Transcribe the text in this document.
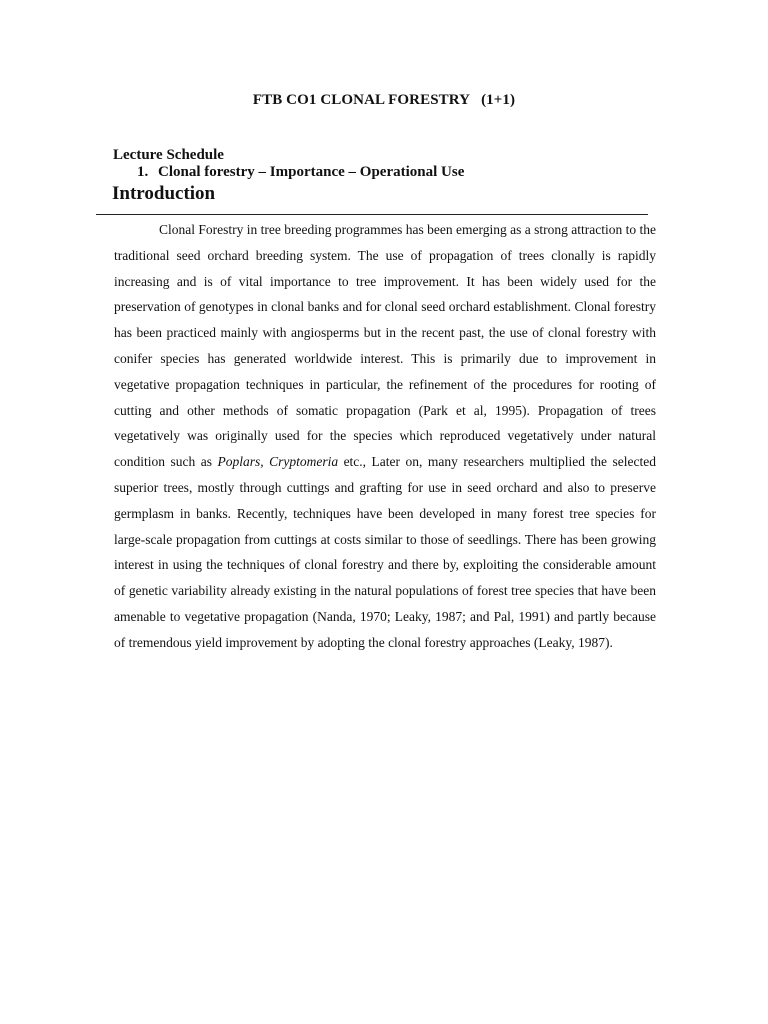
FTB CO1 CLONAL FORESTRY   (1+1)
Lecture Schedule
1. Clonal forestry – Importance – Operational Use
Introduction

Clonal Forestry in tree breeding programmes has been emerging as a strong attraction to the traditional seed orchard breeding system. The use of propagation of trees clonally is rapidly increasing and is of vital importance to tree improvement. It has been widely used for the preservation of genotypes in clonal banks and for clonal seed orchard establishment. Clonal forestry has been practiced mainly with angiosperms but in the recent past, the use of clonal forestry with conifer species has generated worldwide interest. This is primarily due to improvement in vegetative propagation techniques in particular, the refinement of the procedures for rooting of cutting and other methods of somatic propagation (Park et al, 1995). Propagation of trees vegetatively was originally used for the species which reproduced vegetatively under natural condition such as Poplars, Cryptomeria etc., Later on, many researchers multiplied the selected superior trees, mostly through cuttings and grafting for use in seed orchard and also to preserve germplasm in banks. Recently, techniques have been developed in many forest tree species for large-scale propagation from cuttings at costs similar to those of seedlings. There has been growing interest in using the techniques of clonal forestry and there by, exploiting the considerable amount of genetic variability already existing in the natural populations of forest tree species that have been amenable to vegetative propagation (Nanda, 1970; Leaky, 1987; and Pal, 1991) and partly because of tremendous yield improvement by adopting the clonal forestry approaches (Leaky, 1987).
